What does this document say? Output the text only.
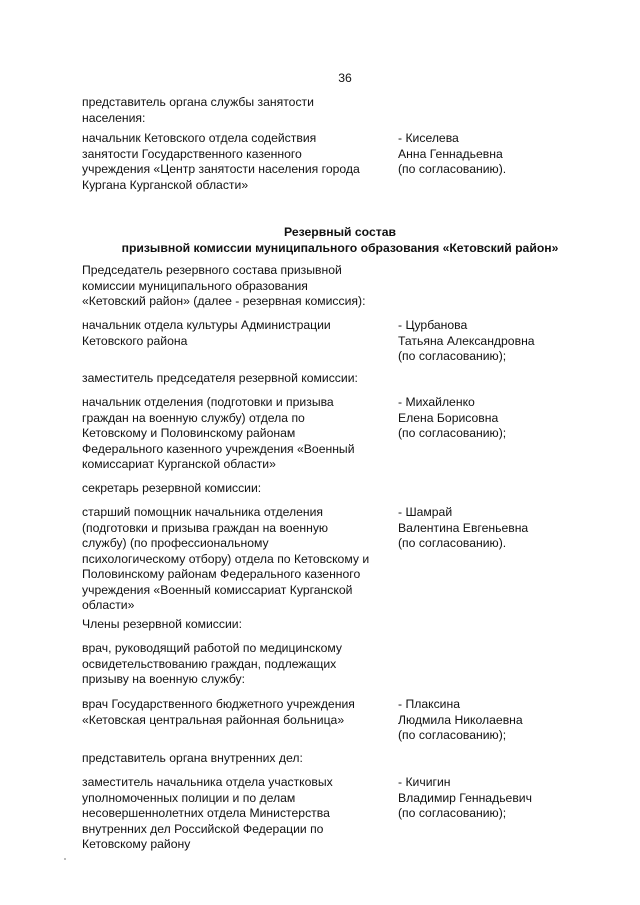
36
представитель органа службы занятости
населения:
начальник Кетовского отдела содействия
занятости Государственного казенного
учреждения «Центр занятости населения города
Кургана Курганской области»
- Киселева
Анна Геннадьевна
(по согласованию).
Резервный состав
призывной комиссии муниципального образования «Кетовский район»
Председатель резервного состава призывной
комиссии муниципального образования
«Кетовский район» (далее - резервная комиссия):
начальник отдела культуры Администрации
Кетовского района
- Цурбанова
Татьяна Александровна
(по согласованию);
заместитель председателя резервной комиссии:
начальник отделения (подготовки и призыва
граждан на военную службу) отдела по
Кетовскому и Половинскому районам
Федерального казенного учреждения «Военный
комиссариат Курганской области»
- Михайленко
Елена Борисовна
(по согласованию);
секретарь резервной комиссии:
старший помощник начальника отделения
(подготовки и призыва граждан на военную
службу) (по профессиональному
психологическому отбору) отдела по Кетовскому и
Половинскому районам Федерального казенного
учреждения «Военный комиссариат Курганской
области»
- Шамрай
Валентина Евгеньевна
(по согласованию).
Члены резервной комиссии:
врач, руководящий работой по медицинскому
освидетельствованию граждан, подлежащих
призыву на военную службу:
врач Государственного бюджетного учреждения
«Кетовская центральная районная больница»
- Плаксина
Людмила Николаевна
(по согласованию);
представитель органа внутренних дел:
заместитель начальника отдела участковых
уполномоченных полиции и по делам
несовершеннолетних отдела Министерства
внутренних дел Российской Федерации по
Кетовскому району
- Кичигин
Владимир Геннадьевич
(по согласованию);
